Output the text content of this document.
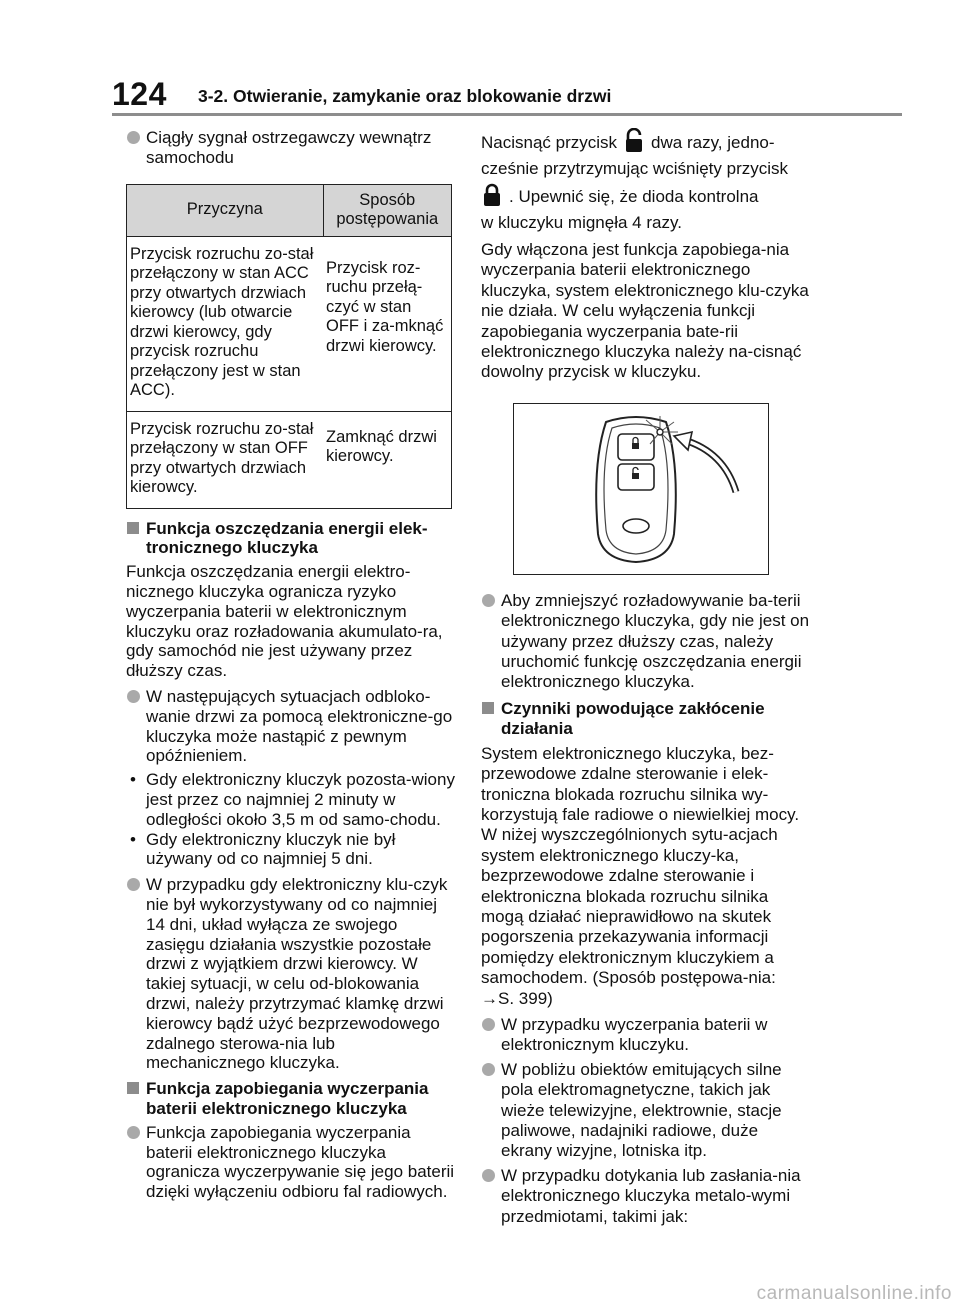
124 3-2. Otwieranie, zamykanie oraz blokowanie drzwi
Ciągły sygnał ostrzegawczy wewnątrz samochodu
Przyczyna	Sposób postępowania
Przycisk rozruchu zo-stał przełączony w stan ACC przy otwartych drzwiach kierowcy (lub otwarcie drzwi kierowcy, gdy przycisk rozruchu przełączony jest w stan ACC).	Przycisk roz-ruchu przełą-czyć w stan OFF i za-mknąć drzwi kierowcy.
Przycisk rozruchu zo-stał przełączony w stan OFF przy otwartych drzwiach kierowcy.	Zamknąć drzwi kierowcy.
Funkcja oszczędzania energii elek-tronicznego kluczyka
Funkcja oszczędzania energii elektro-nicznego kluczyka ogranicza ryzyko wyczerpania baterii w elektronicznym kluczyku oraz rozładowania akumulato-ra, gdy samochód nie jest używany przez dłuższy czas.
W następujących sytuacjach odbloko-wanie drzwi za pomocą elektroniczne-go kluczyka może nastąpić z pewnym opóźnieniem.
• Gdy elektroniczny kluczyk pozosta-wiony jest przez co najmniej 2 minuty w odległości około 3,5 m od samo-chodu.
• Gdy elektroniczny kluczyk nie był używany od co najmniej 5 dni.
W przypadku gdy elektroniczny klu-czyk nie był wykorzystywany od co najmniej 14 dni, układ wyłącza ze swojego zasięgu działania wszystkie pozostałe drzwi z wyjątkiem drzwi kierowcy. W takiej sytuacji, w celu od-blokowania drzwi, należy przytrzymać klamkę drzwi kierowcy bądź użyć bezprzewodowego zdalnego sterowa-nia lub mechanicznego kluczyka.
Funkcja zapobiegania wyczerpania baterii elektronicznego kluczyka
Funkcja zapobiegania wyczerpania baterii elektronicznego kluczyka ogranicza wyczerpywanie się jego baterii dzięki wyłączeniu odbioru fal radiowych.
Nacisnąć przycisk dwa razy, jedno-
cześnie przytrzymując wciśnięty przycisk
. Upewnić się, że dioda kontrolna
w kluczyku mignęła 4 razy.
Gdy włączona jest funkcja zapobiega-nia wyczerpania baterii elektronicznego kluczyka, system elektronicznego klu-czyka nie działa. W celu wyłączenia funkcji zapobiegania wyczerpania bate-rii elektronicznego kluczyka należy na-cisnąć dowolny przycisk w kluczyku.
Aby zmniejszyć rozładowywanie ba-terii elektronicznego kluczyka, gdy nie jest on używany przez dłuższy czas, należy uruchomić funkcję oszczędzania energii elektronicznego kluczyka.
Czynniki powodujące zakłócenie działania
System elektronicznego kluczyka, bez-przewodowe zdalne sterowanie i elek-troniczna blokada rozruchu silnika wy-korzystują fale radiowe o niewielkiej mocy. W niżej wyszczególnionych sytu-acjach system elektronicznego kluczy-ka, bezprzewodowe zdalne sterowanie i elektroniczna blokada rozruchu silnika mogą działać nieprawidłowo na skutek pogorszenia przekazywania informacji pomiędzy elektronicznym kluczykiem a samochodem. (Sposób postępowa-nia: →S. 399)
W przypadku wyczerpania baterii w elektronicznym kluczyku.
W pobliżu obiektów emitujących silne pola elektromagnetyczne, takich jak wieże telewizyjne, elektrownie, stacje paliwowe, nadajniki radiowe, duże ekrany wizyjne, lotniska itp.
W przypadku dotykania lub zasłania-nia elektronicznego kluczyka metalo-wymi przedmiotami, takimi jak:
carmanualsonline.info
